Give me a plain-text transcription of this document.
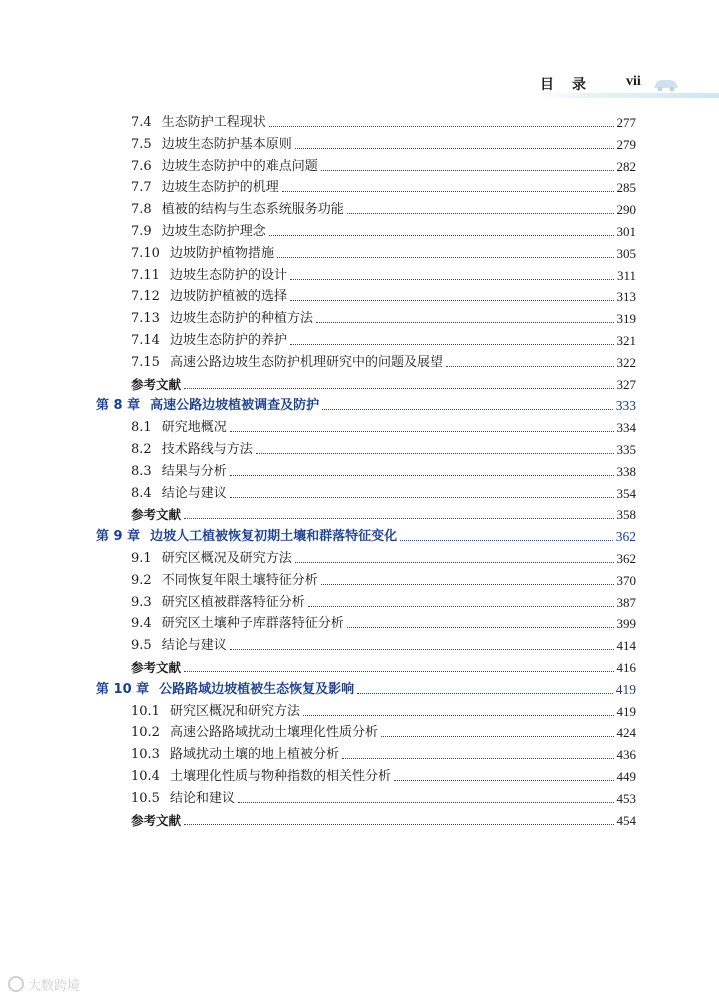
目录 vii
7.4 生态防护工程现状	277
7.5 边坡生态防护基本原则	279
7.6 边坡生态防护中的难点问题	282
7.7 边坡生态防护的机理	285
7.8 植被的结构与生态系统服务功能	290
7.9 边坡生态防护理念	301
7.10 边坡防护植物措施	305
7.11 边坡生态防护的设计	311
7.12 边坡防护植被的选择	313
7.13 边坡生态防护的种植方法	319
7.14 边坡生态防护的养护	321
7.15 高速公路边坡生态防护机理研究中的问题及展望	322
参考文献	327
第 8 章 高速公路边坡植被调查及防护	333
8.1 研究地概况	334
8.2 技术路线与方法	335
8.3 结果与分析	338
8.4 结论与建议	354
参考文献	358
第 9 章 边坡人工植被恢复初期土壤和群落特征变化	362
9.1 研究区概况及研究方法	362
9.2 不同恢复年限土壤特征分析	370
9.3 研究区植被群落特征分析	387
9.4 研究区土壤种子库群落特征分析	399
9.5 结论与建议	414
参考文献	416
第 10 章 公路路域边坡植被生态恢复及影响	419
10.1 研究区概况和研究方法	419
10.2 高速公路路域扰动土壤理化性质分析	424
10.3 路域扰动土壤的地上植被分析	436
10.4 土壤理化性质与物种指数的相关性分析	449
10.5 结论和建议	453
参考文献	454
大数跨境
